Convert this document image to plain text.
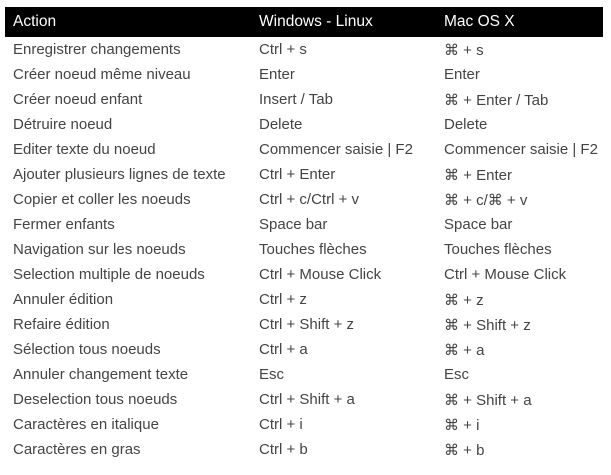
Action	Windows - Linux	Mac OS X
Enregistrer changements	Ctrl + s	⌘ + s
Créer noeud même niveau	Enter	Enter
Créer noeud enfant	Insert / Tab	⌘ + Enter / Tab
Détruire noeud	Delete	Delete
Editer texte du noeud	Commencer saisie | F2	Commencer saisie | F2
Ajouter plusieurs lignes de texte	Ctrl + Enter	⌘ + Enter
Copier et coller les noeuds	Ctrl + c/Ctrl + v	⌘ + c/⌘ + v
Fermer enfants	Space bar	Space bar
Navigation sur les noeuds	Touches flèches	Touches flèches
Selection multiple de noeuds	Ctrl + Mouse Click	Ctrl + Mouse Click
Annuler édition	Ctrl + z	⌘ + z
Refaire édition	Ctrl + Shift + z	⌘ + Shift + z
Sélection tous noeuds	Ctrl + a	⌘ + a
Annuler changement texte	Esc	Esc
Deselection tous noeuds	Ctrl + Shift + a	⌘ + Shift + a
Caractères en italique	Ctrl + i	⌘ + i
Caractères en gras	Ctrl + b	⌘ + b
